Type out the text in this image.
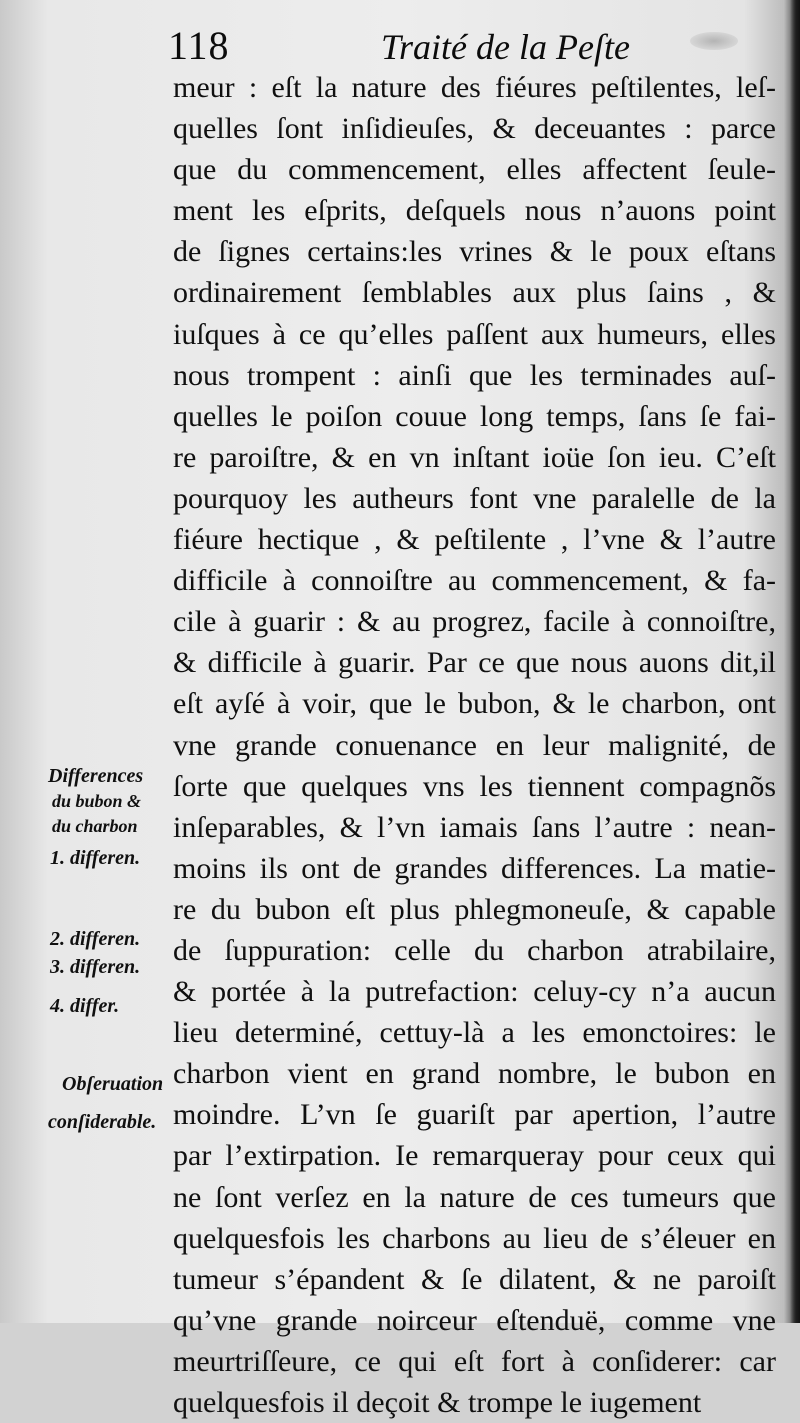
118	Traité de la Peſte
meur : eſt la nature des fiéures peſtilentes, leſ-
quelles ſont inſidieuſes, & deceuantes : parce
que du commencement, elles affectent ſeule-
ment les eſprits, deſquels nous n’auons point
de ſignes certains:les vrines & le poux eſtans
ordinairement ſemblables aux plus ſains , &
iuſques à ce qu’elles paſſent aux humeurs, elles
nous trompent : ainſi que les terminades auſ-
quelles le poiſon couue long temps, ſans ſe fai-
re paroiſtre, & en vn inſtant ioüe ſon ieu. C’eſt
pourquoy les autheurs font vne paralelle de la
fiéure hectique , & peſtilente , l’vne & l’autre
difficile à connoiſtre au commencement, & fa-
cile à guarir : & au progrez, facile à connoiſtre,
& difficile à guarir. Par ce que nous auons dit,il
eſt ayſé à voir, que le bubon, & le charbon, ont
vne grande conuenance en leur malignité, de
ſorte que quelques vns les tiennent compagnõs
inſeparables, & l’vn iamais ſans l’autre : nean-
moins ils ont de grandes differences. La matie-
re du bubon eſt plus phlegmoneuſe, & capable
de ſuppuration: celle du charbon atrabilaire,
& portée à la putrefaction: celuy-cy n’a aucun
lieu determiné, cettuy-là a les emonctoires: le
charbon vient en grand nombre, le bubon en
moindre. L’vn ſe guariſt par apertion, l’autre
par l’extirpation. Ie remarqueray pour ceux qui
ne ſont verſez en la nature de ces tumeurs que
quelquesfois les charbons au lieu de s’éleuer en
tumeur s’épandent & ſe dilatent, & ne paroiſt
qu’vne grande noirceur eſtenduë, comme vne
meurtriſſeure, ce qui eſt fort à conſiderer: car
quelquesfois il deçoit & trompe le iugement
Differences
du bubon &
du charbon
1. differen.
2. differen.
3. differen.
4. differ.
Obſeruation
conſiderable.
